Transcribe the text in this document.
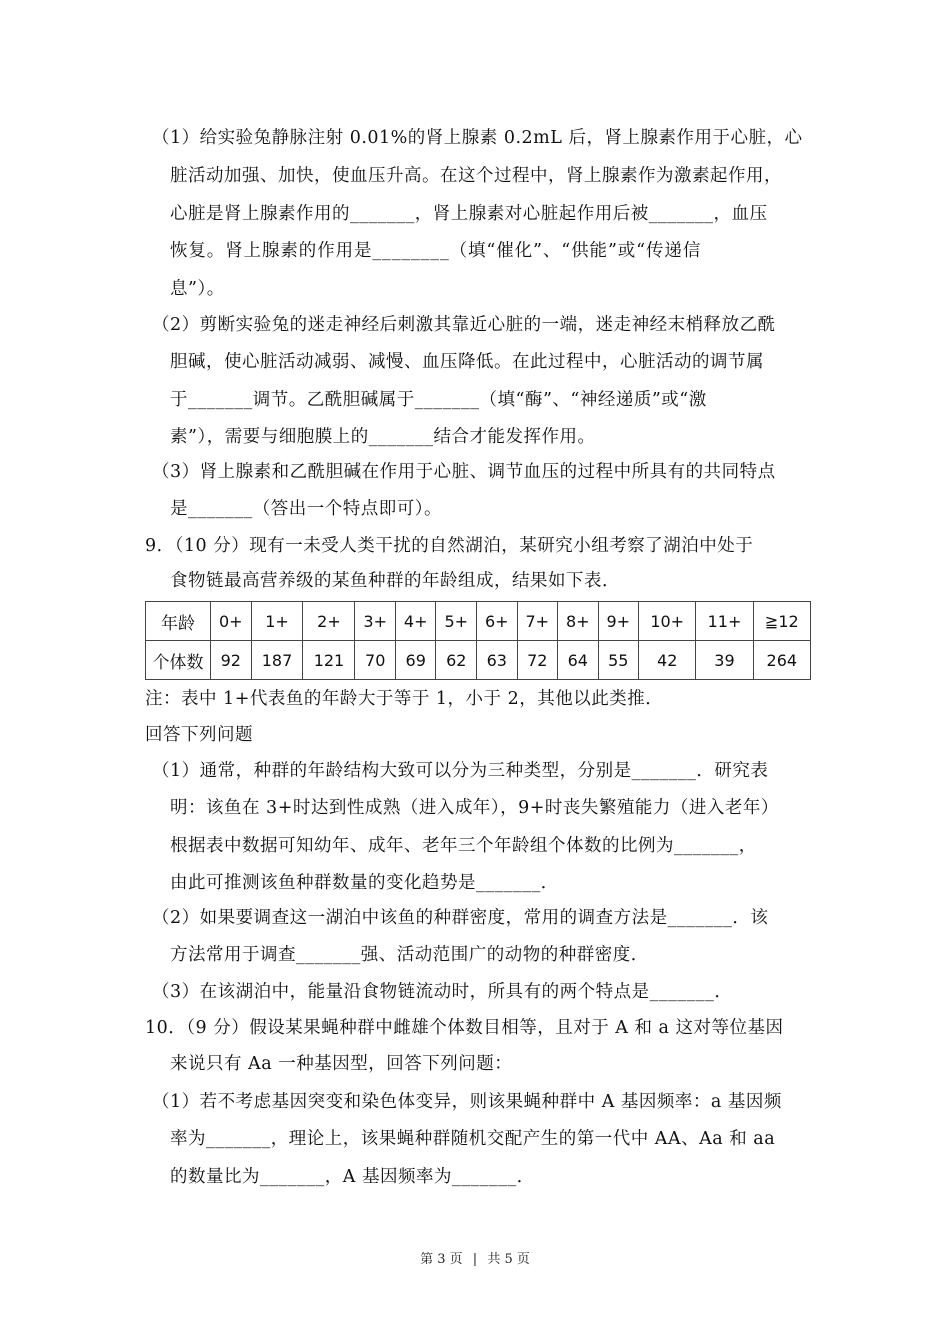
（1）给实验兔静脉注射 0.01%的肾上腺素 0.2mL 后，肾上腺素作用于心脏，心
脏活动加强、加快，使血压升高。在这个过程中，肾上腺素作为激素起作用，
心脏是肾上腺素作用的_______，肾上腺素对心脏起作用后被_______，血压
恢复。肾上腺素的作用是________（填“催化”、“供能”或“传递信
息”）。
（2）剪断实验兔的迷走神经后刺激其靠近心脏的一端，迷走神经末梢释放乙酰
胆碱，使心脏活动减弱、减慢、血压降低。在此过程中，心脏活动的调节属
于_______调节。乙酰胆碱属于_______（填“酶”、“神经递质”或“激
素”），需要与细胞膜上的_______结合才能发挥作用。
（3）肾上腺素和乙酰胆碱在作用于心脏、调节血压的过程中所具有的共同特点
是_______（答出一个特点即可）。
9．（10 分）现有一未受人类干扰的自然湖泊，某研究小组考察了湖泊中处于
食物链最高营养级的某鱼种群的年龄组成，结果如下表．
年龄	0+	1+	2+	3+	4+	5+	6+	7+	8+	9+	10+	11+	≧12
个体数	92	187	121	70	69	62	63	72	64	55	42	39	264
注：表中 1+代表鱼的年龄大于等于 1，小于 2，其他以此类推．
回答下列问题
（1）通常，种群的年龄结构大致可以分为三种类型，分别是_______．研究表
明：该鱼在 3+时达到性成熟（进入成年），9+时丧失繁殖能力（进入老年）
根据表中数据可知幼年、成年、老年三个年龄组个体数的比例为_______，
由此可推测该鱼种群数量的变化趋势是_______．
（2）如果要调查这一湖泊中该鱼的种群密度，常用的调查方法是_______．该
方法常用于调查_______强、活动范围广的动物的种群密度．
（3）在该湖泊中，能量沿食物链流动时，所具有的两个特点是_______．
10．（9 分）假设某果蝇种群中雌雄个体数目相等，且对于 A 和 a 这对等位基因
来说只有 Aa 一种基因型，回答下列问题：
（1）若不考虑基因突变和染色体变异，则该果蝇种群中 A 基因频率：a 基因频
率为_______，理论上，该果蝇种群随机交配产生的第一代中 AA、Aa 和 aa
的数量比为_______，A 基因频率为_______．
第 3 页 | 共 5 页
